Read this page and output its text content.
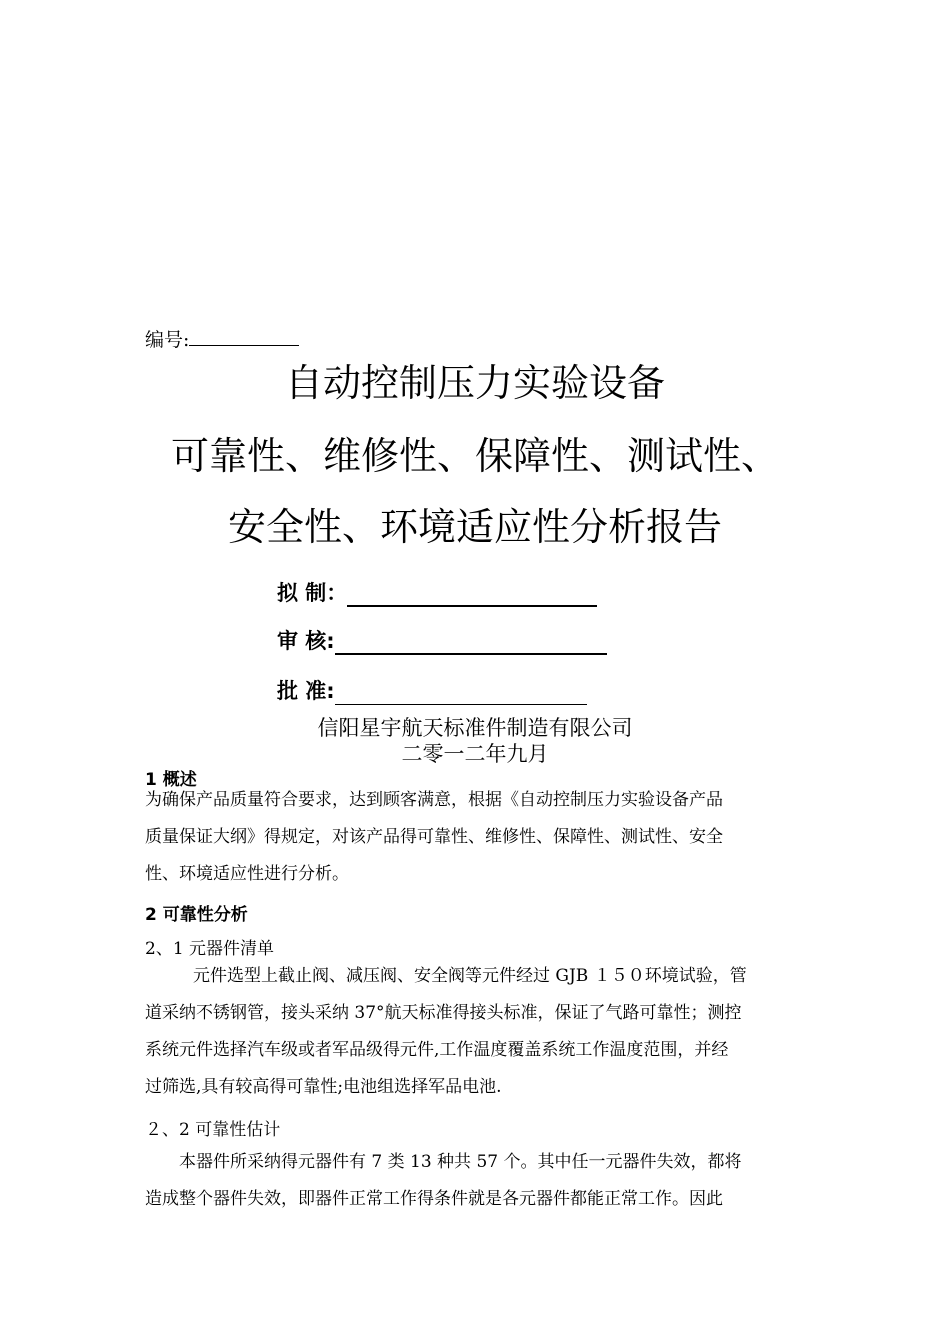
编号:
自动控制压力实验设备
可靠性、维修性、保障性、测试性、
安全性、环境适应性分析报告
拟 制：
审 核:
批 准:
信阳星宇航天标准件制造有限公司
二零一二年九月
1 概述
为确保产品质量符合要求，达到顾客满意，根据《自动控制压力实验设备产品
质量保证大纲》得规定，对该产品得可靠性、维修性、保障性、测试性、安全
性、环境适应性进行分析。
2 可靠性分析
2、1 元器件清单
元件选型上截止阀、减压阀、安全阀等元件经过 GJB １５０环境试验，管
道采纳不锈钢管，接头采纳 37°航天标准得接头标准，保证了气路可靠性；测控
系统元件选择汽车级或者军品级得元件,工作温度覆盖系统工作温度范围，并经
过筛选,具有较高得可靠性;电池组选择军品电池.
２、2 可靠性估计
本器件所采纳得元器件有 7 类 13 种共 57 个。其中任一元器件失效，都将
造成整个器件失效，即器件正常工作得条件就是各元器件都能正常工作。因此
